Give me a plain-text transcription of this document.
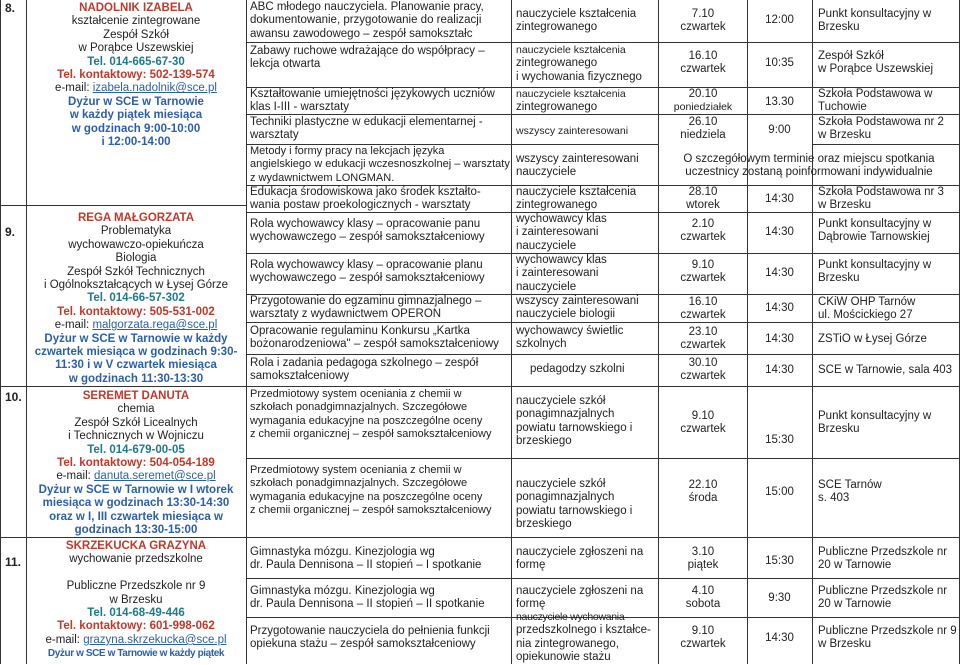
8.	NADOLNIK IZABELA
kształcenie zintegrowane
Zespół Szkół
w Porąbce Uszewskiej
Tel. 014-665-67-30
Tel. kontaktowy: 502-139-574
e-mail: izabela.nadolnik@sce.pl
Dyżur w SCE w Tarnowie
w każdy piątek miesiąca
w godzinach 9:00-10:00
i 12:00-14:00
9.
REGA MAŁGORZATA
Problematyka
wychowawczo-opiekuńcza
Biologia
Zespół Szkół Technicznych
i Ogólnokształcących w Łysej Górze
Tel. 014-66-57-302
Tel. kontaktowy: 505-531-002
e-mail: malgorzata.rega@sce.pl
Dyżur w SCE w Tarnowie w każdy
czwartek miesiąca w godzinach 9:30-
11:30 i w V czwartek miesiąca
w godzinach 11:30-13:30
10.	SEREMET DANUTA
chemia
Zespół Szkół Licealnych
i Technicznych w Wojniczu
Tel. 014-679-00-05
Tel. kontaktowy: 504-054-189
e-mail: danuta.seremet@sce.pl
Dyżur w SCE w Tarnowie w I wtorek
miesiąca w godzinach 13:30-14:30
oraz w I, III czwartek miesiąca w
godzinach 13:30-15:00
11.
SKRZEKUCKA GRAŻYNA
wychowanie przedszkolne

Publiczne Przedszkole nr 9
w Brzesku
Tel. 014-68-49-446
Tel. kontaktowy: 601-998-062
e-mail: grazyna.skrzekucka@sce.pl
Dyżur w SCE w Tarnowie w każdy piątek
ABC młodego nauczyciela. Planowanie pracy,
dokumentowanie, przygotowanie do realizacji
awansu zawodowego – zespół samokształc
Zabawy ruchowe wdrażające do współpracy –
lekcja otwarta
Kształtowanie umiejętności językowych uczniów
klas I-III - warsztaty
Techniki plastyczne w edukacji elementarnej -
warsztaty
Metody i formy pracy na lekcjach języka
angielskiego w edukacji wczesnoszkolnej – warsztaty
z wydawnictwem LONGMAN.
Edukacja środowiskowa jako środek kształto-
wania postaw proekologicznych - warsztaty
Rola wychowawcy klasy – opracowanie panu
wychowawczego – zespół samokształceniowy
Rola wychowawcy klasy – opracowanie planu
wychowawczego – zespół samokształceniowy
Przygotowanie do egzaminu gimnazjalnego –
warsztaty z wydawnictwem OPERON
Opracowanie regulaminu Konkursu „Kartka
bożonarodzeniowa" – zespół samokształceniowy
Rola i zadania pedagoga szkolnego – zespół
samokształceniowy
Przedmiotowy system oceniania z chemii w
szkołach ponadgimnazjalnych. Szczegółowe
wymagania edukacyjne na poszczególne oceny
z chemii organicznej – zespół samokształceniowy
Przedmiotowy system oceniania z chemii w
szkołach ponadgimnazjalnych. Szczegółowe
wymagania edukacyjne na poszczególne oceny
z chemii organicznej – zespół samokształceniowy
Gimnastyka mózgu. Kinezjologia wg
dr. Paula Dennisona – II stopień – I spotkanie
Gimnastyka mózgu. Kinezjologia wg
dr. Paula Dennisona – II stopień – II spotkanie
Przygotowanie nauczyciela do pełnienia funkcji
opiekuna stażu – zespół samokształceniowy
nauczyciele kształcenia
zintegrowanego
nauczyciele kształcenia
zintegrowanego
i wychowania fizycznego
nauczyciele kształcenia
zintegrowanego
wszyscy zainteresowani
wszyscy zainteresowani
nauczyciele
nauczyciele kształcenia
zintegrowanego
wychowawcy klas
i zainteresowani
nauczyciele
wychowawcy klas
i zainteresowani
nauczyciele
wszyscy zainteresowani
nauczyciele biologii
wychowawcy świetlic
szkolnych
pedagodzy szkolni
nauczyciele szkół
ponagimnazjalnych
powiatu tarnowskiego i
brzeskiego
nauczyciele szkół
ponagimnazjalnych
powiatu tarnowskiego i
brzeskiego
nauczyciele zgłoszeni na
formę
nauczyciele zgłoszeni na
formę
nauczyciele wychowania
przedszkolnego i kształce-
nia zintegrowanego,
opiekunowie stażu
7.10
czwartek
16.10
czwartek
20.10
poniedziałek
26.10
niedziela
28.10
wtorek
2.10
czwartek
9.10
czwartek
16.10
czwartek
23.10
czwartek
30.10
czwartek
9.10
czwartek
22.10
środa
3.10
piątek
4.10
sobota
9.10
czwartek
12:00
10:35
13.30
9:00
14:30
14:30
14:30
14:30
14:30
14:30
15:30
15:00
15:30
9:30
14:30
Punkt konsultacyjny w
Brzesku
Zespół Szkół
w Porąbce Uszewskiej
Szkoła Podstawowa w
Tuchowie
Szkoła Podstawowa nr 2
w Brzesku
O szczegółowym terminie oraz miejscu spotkania
uczestnicy zostaną poinformowani indywidualnie
Szkoła Podstawowa nr 3
w Brzesku
Punkt konsultacyjny w
Dąbrowie Tarnowskiej
Punkt konsultacyjny w
Brzesku
CKiW OHP Tarnów
ul. Mościckiego 27
ZSTiO w Łysej Górze
SCE w Tarnowie, sala 403
Punkt konsultacyjny w
Brzesku
SCE Tarnów
s. 403
Publiczne Przedszkole nr
20 w Tarnowie
Publiczne Przedszkole nr
20 w Tarnowie
Publiczne Przedszkole nr 9
w Brzesku
